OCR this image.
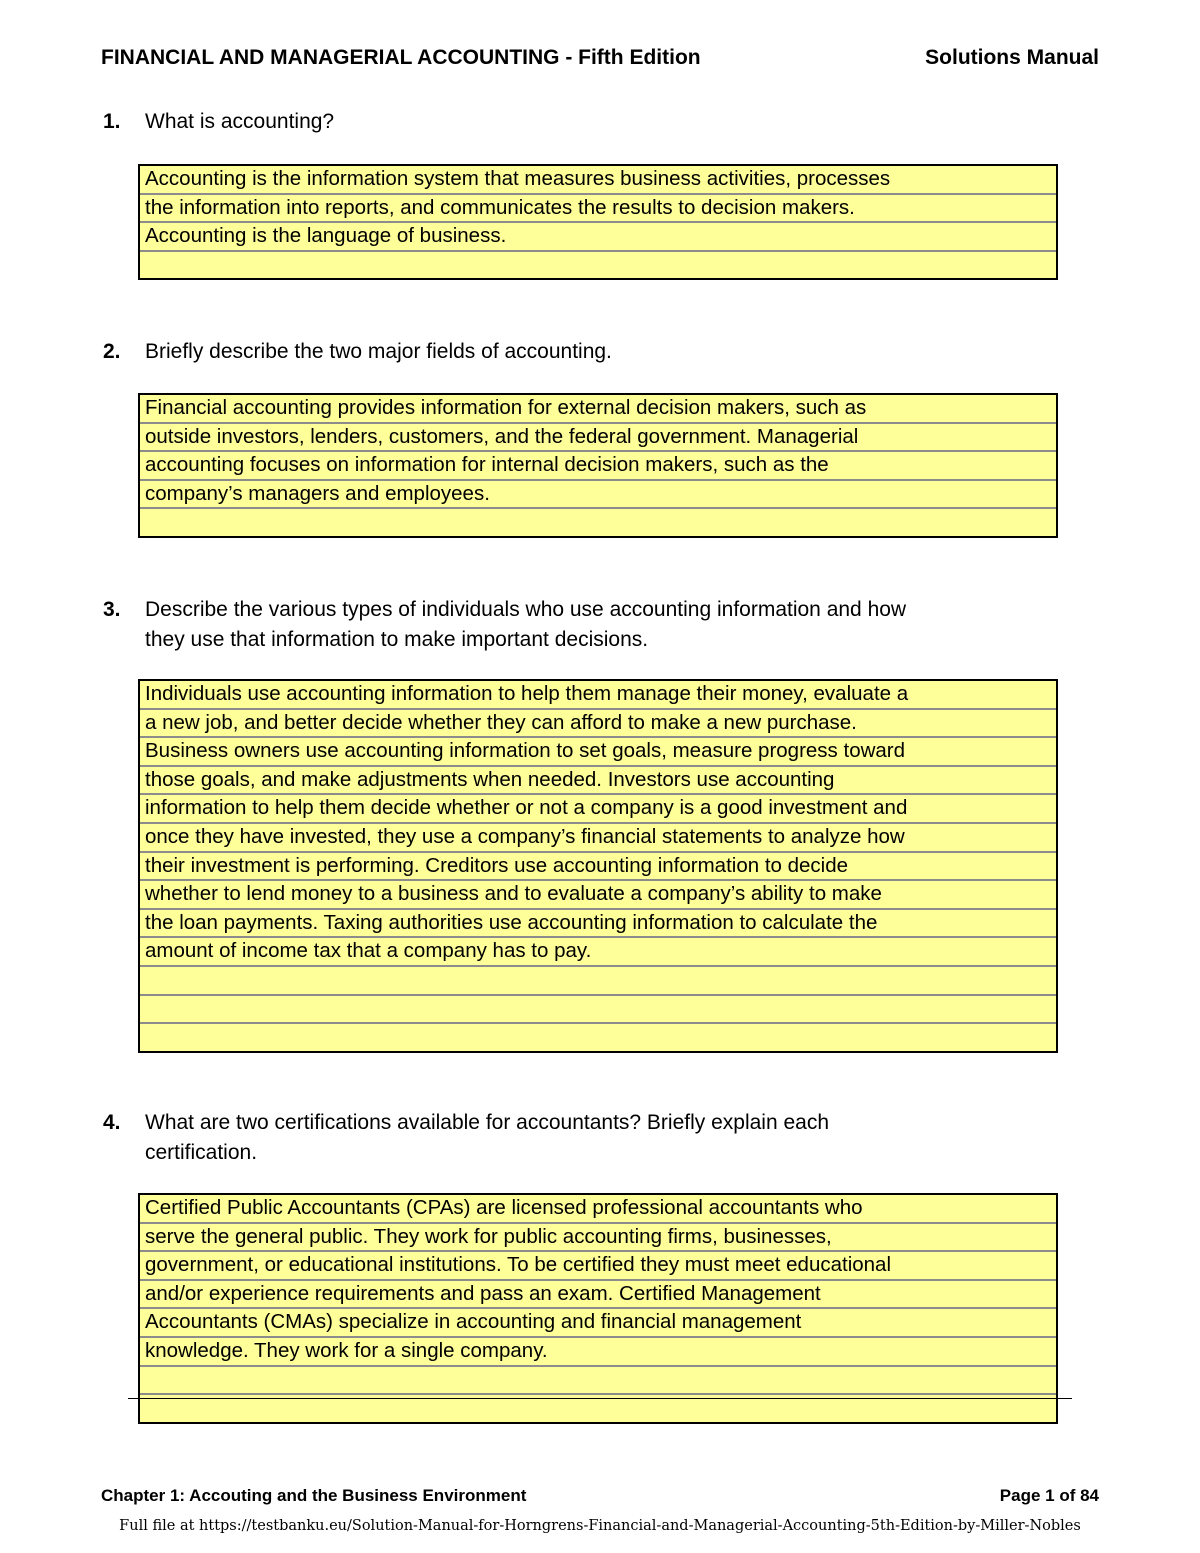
FINANCIAL AND MANAGERIAL ACCOUNTING - Fifth Edition	Solutions Manual
1. What is accounting?
Accounting is the information system that measures business activities, processes
the information into reports, and communicates the results to decision makers.
Accounting is the language of business.
2. Briefly describe the two major fields of accounting.
Financial accounting provides information for external decision makers, such as
outside investors, lenders, customers, and the federal government. Managerial
accounting focuses on information for internal decision makers, such as the
company’s managers and employees.
3. Describe the various types of individuals who use accounting information and how
they use that information to make important decisions.
Individuals use accounting information to help them manage their money, evaluate a
a new job, and better decide whether they can afford to make a new purchase.
Business owners use accounting information to set goals, measure progress toward
those goals, and make adjustments when needed. Investors use accounting
information to help them decide whether or not a company is a good investment and
once they have invested, they use a company’s financial statements to analyze how
their investment is performing. Creditors use accounting information to decide
whether to lend money to a business and to evaluate a company’s ability to make
the loan payments. Taxing authorities use accounting information to calculate the
amount of income tax that a company has to pay.
4. What are two certifications available for accountants? Briefly explain each
certification.
Certified Public Accountants (CPAs) are licensed professional accountants who
serve the general public. They work for public accounting firms, businesses,
government, or educational institutions. To be certified they must meet educational
and/or experience requirements and pass an exam. Certified Management
Accountants (CMAs) specialize in accounting and financial management
knowledge. They work for a single company.
Chapter 1: Accouting and the Business Environment	Page 1 of 84
Full file at https://testbanku.eu/Solution-Manual-for-Horngrens-Financial-and-Managerial-Accounting-5th-Edition-by-Miller-Nobles
